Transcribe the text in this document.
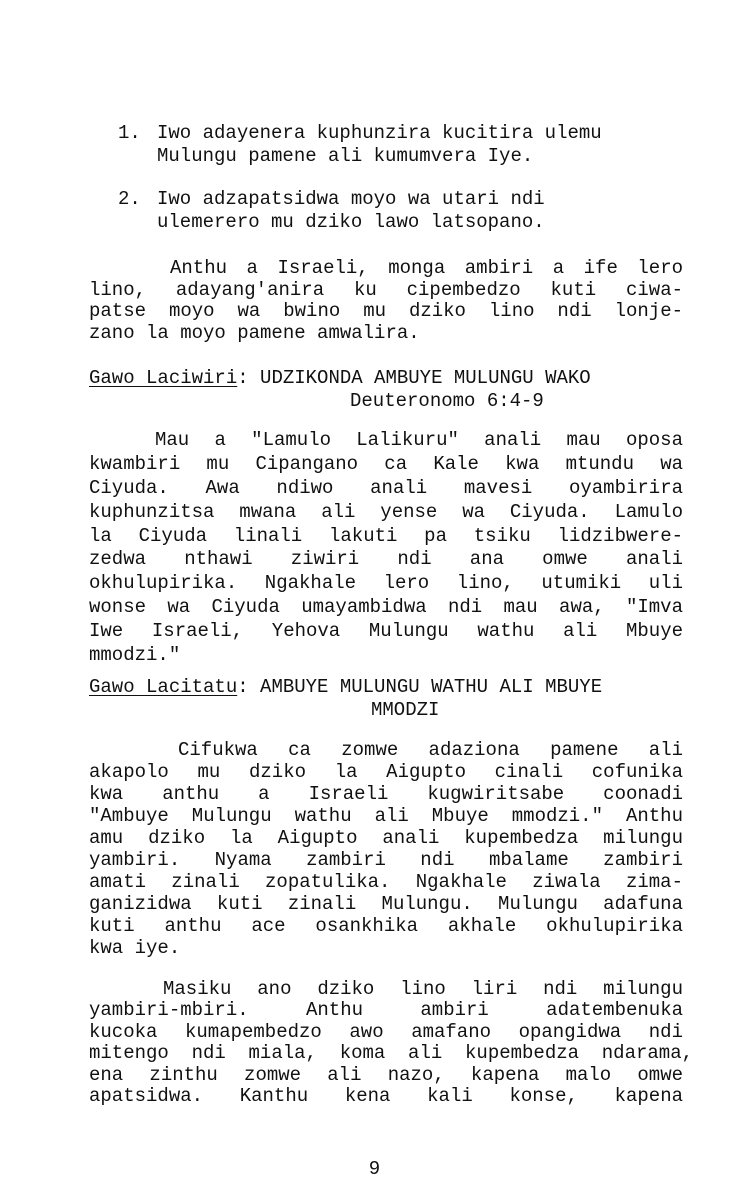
1. Iwo adayenera kuphunzira kucitira ulemu
Mulungu pamene ali kumumvera Iye.
2. Iwo adzapatsidwa moyo wa utari ndi
ulemerero mu dziko lawo latsopano.
Anthu a Israeli, monga ambiri a ife lero
lino, adayang'anira ku cipembedzo kuti ciwa-
patse moyo wa bwino mu dziko lino ndi lonje-
zano la moyo pamene amwalira.
Gawo Laciwiri: UDZIKONDA AMBUYE MULUNGU WAKO
Deuteronomo 6:4-9
Mau a "Lamulo Lalikuru" anali mau oposa
kwambiri mu Cipangano ca Kale kwa mtundu wa
Ciyuda. Awa ndiwo anali mavesi oyambirira
kuphunzitsa mwana ali yense wa Ciyuda. Lamulo
la Ciyuda linali lakuti pa tsiku lidzibwere-
zedwa nthawi ziwiri ndi ana omwe anali
okhulupirika. Ngakhale lero lino, utumiki uli
wonse wa Ciyuda umayambidwa ndi mau awa, "Imva
Iwe Israeli, Yehova Mulungu wathu ali Mbuye
mmodzi."
Gawo Lacitatu: AMBUYE MULUNGU WATHU ALI MBUYE
MMODZI
Cifukwa ca zomwe adaziona pamene ali
akapolo mu dziko la Aigupto cinali cofunika
kwa anthu a Israeli kugwiritsabe coonadi
"Ambuye Mulungu wathu ali Mbuye mmodzi." Anthu
amu dziko la Aigupto anali kupembedza milungu
yambiri. Nyama zambiri ndi mbalame zambiri
amati zinali zopatulika. Ngakhale ziwala zima-
ganizidwa kuti zinali Mulungu. Mulungu adafuna
kuti anthu ace osankhika akhale okhulupirika
kwa iye.
Masiku ano dziko lino liri ndi milungu
yambiri-mbiri. Anthu ambiri adatembenuka
kucoka kumapembedzo awo amafano opangidwa ndi
mitengo ndi miala, koma ali kupembedza ndarama,
ena zinthu zomwe ali nazo, kapena malo omwe
apatsidwa. Kanthu kena kali konse, kapena
9
